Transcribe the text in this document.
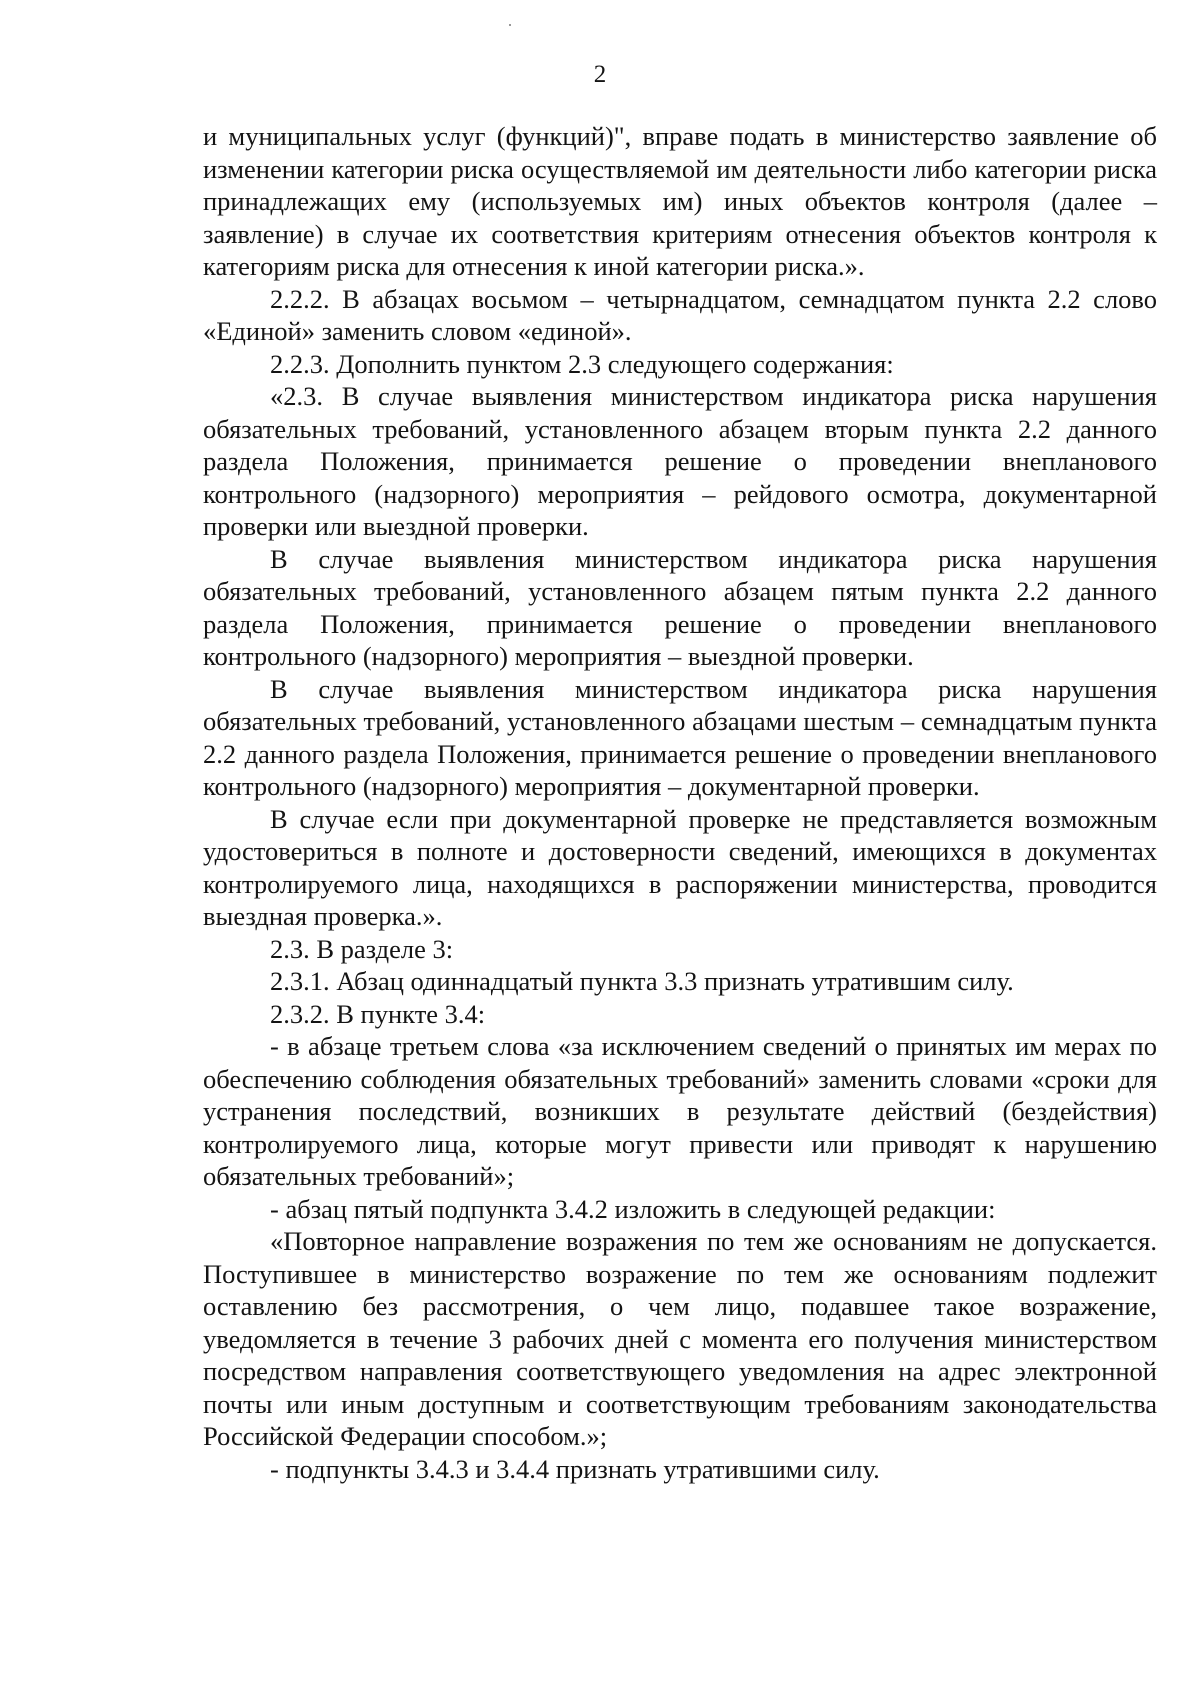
2

и муниципальных услуг (функций)", вправе подать в министерство заявление об изменении категории риска осуществляемой им деятельности либо категории риска принадлежащих ему (используемых им) иных объектов контроля (далее – заявление) в случае их соответствия критериям отнесения объектов контроля к категориям риска для отнесения к иной категории риска.».

2.2.2. В абзацах восьмом – четырнадцатом, семнадцатом пункта 2.2 слово «Единой» заменить словом «единой».

2.2.3. Дополнить пунктом 2.3 следующего содержания:

«2.3. В случае выявления министерством индикатора риска нарушения обязательных требований, установленного абзацем вторым пункта 2.2 данного раздела Положения, принимается решение о проведении внепланового контрольного (надзорного) мероприятия – рейдового осмотра, документарной проверки или выездной проверки.

В случае выявления министерством индикатора риска нарушения обязательных требований, установленного абзацем пятым пункта 2.2 данного раздела Положения, принимается решение о проведении внепланового контрольного (надзорного) мероприятия – выездной проверки.

В случае выявления министерством индикатора риска нарушения обязательных требований, установленного абзацами шестым – семнадцатым пункта 2.2 данного раздела Положения, принимается решение о проведении внепланового контрольного (надзорного) мероприятия – документарной проверки.

В случае если при документарной проверке не представляется возможным удостовериться в полноте и достоверности сведений, имеющихся в документах контролируемого лица, находящихся в распоряжении министерства, проводится выездная проверка.».

2.3. В разделе 3:

2.3.1. Абзац одиннадцатый пункта 3.3 признать утратившим силу.

2.3.2. В пункте 3.4:

- в абзаце третьем слова «за исключением сведений о принятых им мерах по обеспечению соблюдения обязательных требований» заменить словами «сроки для устранения последствий, возникших в результате действий (бездействия) контролируемого лица, которые могут привести или приводят к нарушению обязательных требований»;

- абзац пятый подпункта 3.4.2 изложить в следующей редакции:

«Повторное направление возражения по тем же основаниям не допускается. Поступившее в министерство возражение по тем же основаниям подлежит оставлению без рассмотрения, о чем лицо, подавшее такое возражение, уведомляется в течение 3 рабочих дней с момента его получения министерством посредством направления соответствующего уведомления на адрес электронной почты или иным доступным и соответствующим требованиям законодательства Российской Федерации способом.»;

- подпункты 3.4.3 и 3.4.4 признать утратившими силу.
